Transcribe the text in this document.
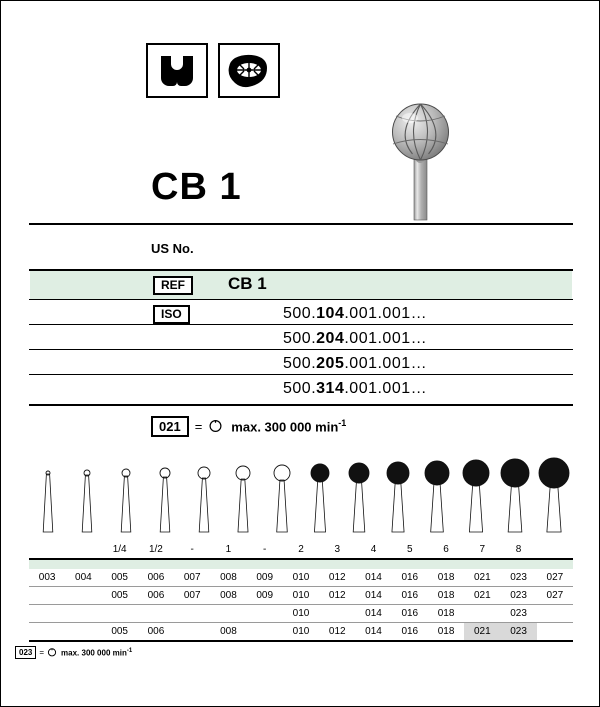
CB 1
US No.
REF	CB 1
ISO	500.104.001.001…
500.204.001.001…
500.205.001.001…
500.314.001.001…
021	= max. 300 000 $\min^{-1}$
		1/4	1/2	-	1	-	2	3	4	5	6	7	8	

003	004	005	006	007	008	009	010	012	014	016	018	021	023	027
		005	006	007	008	009	010	012	014	016	018	021	023	027
							010		014	016	018		023	
		005	006		008		010	012	014	016	018	021	023	
023 = max. 300 000 $\min^{-1}$
